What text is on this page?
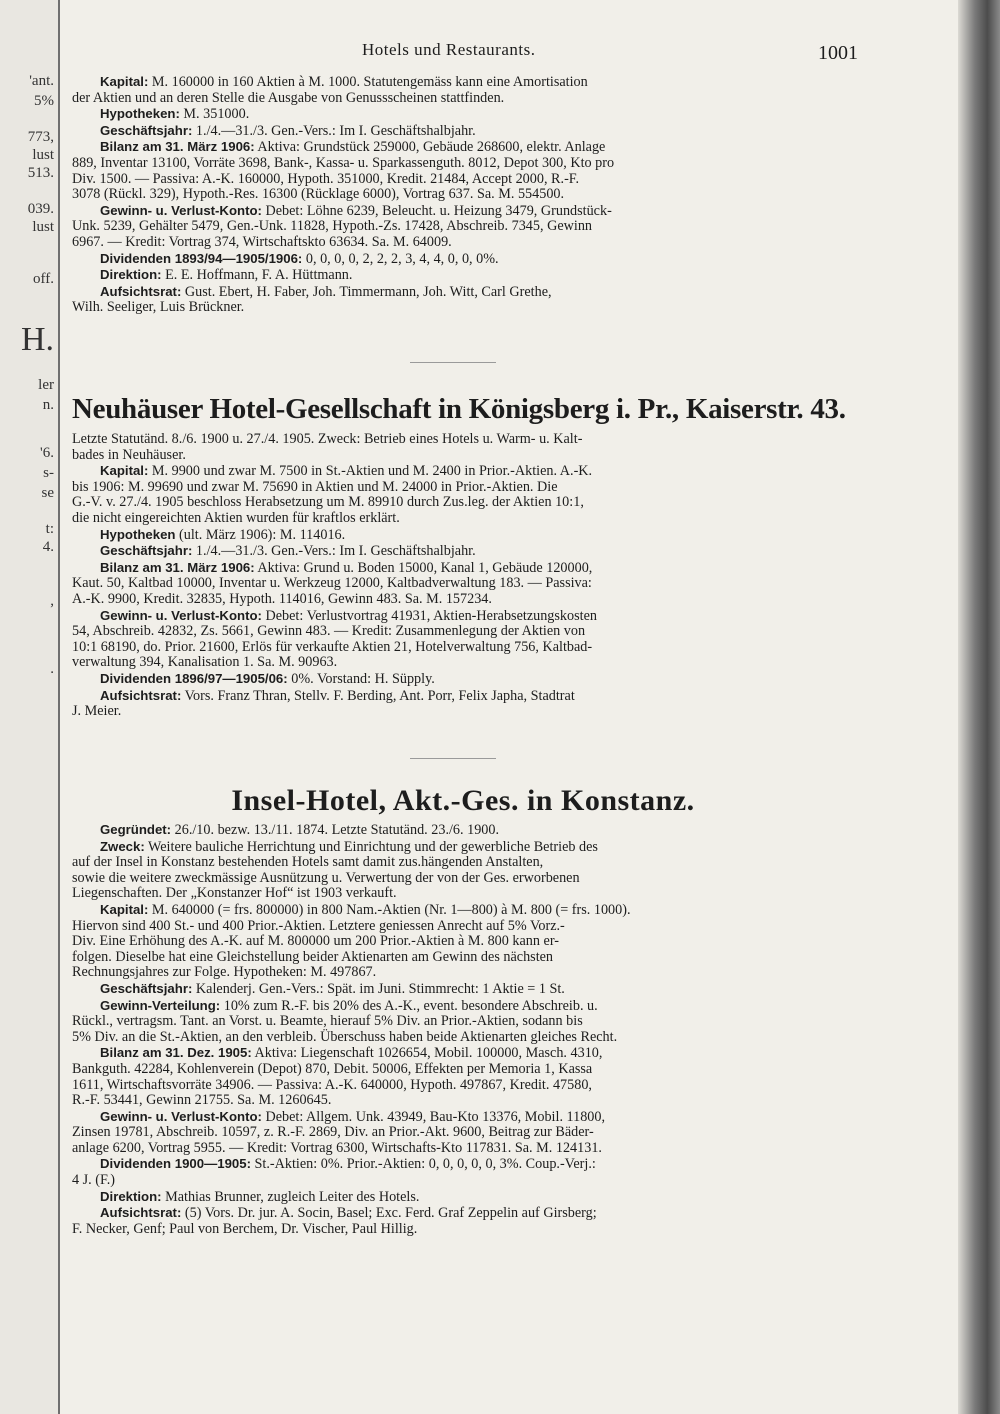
'ant.
5%
773,
lust
513.
039.
lust
off.
H.
ler
n.
'6.
s-
se
t:
4.
,
.
Hotels und Restaurants.	1001
Kapital: M. 160000 in 160 Aktien à M. 1000. Statutengemäss kann eine Amortisation
der Aktien und an deren Stelle die Ausgabe von Genussscheinen stattfinden.
Hypotheken: M. 351000.
Geschäftsjahr: 1./4.—31./3. Gen.-Vers.: Im I. Geschäftshalbjahr.
Bilanz am 31. März 1906: Aktiva: Grundstück 259000, Gebäude 268600, elektr. Anlage
889, Inventar 13100, Vorräte 3698, Bank-, Kassa- u. Sparkassenguth. 8012, Depot 300, Kto pro
Div. 1500. — Passiva: A.-K. 160000, Hypoth. 351000, Kredit. 21484, Accept 2000, R.-F.
3078 (Rückl. 329), Hypoth.-Res. 16300 (Rücklage 6000), Vortrag 637. Sa. M. 554500.
Gewinn- u. Verlust-Konto: Debet: Löhne 6239, Beleucht. u. Heizung 3479, Grundstück-
Unk. 5239, Gehälter 5479, Gen.-Unk. 11828, Hypoth.-Zs. 17428, Abschreib. 7345, Gewinn
6967. — Kredit: Vortrag 374, Wirtschaftskto 63634. Sa. M. 64009.
Dividenden 1893/94—1905/1906: 0, 0, 0, 0, 2, 2, 2, 3, 4, 4, 0, 0, 0%.
Direktion: E. E. Hoffmann, F. A. Hüttmann.
Aufsichtsrat: Gust. Ebert, H. Faber, Joh. Timmermann, Joh. Witt, Carl Grethe,
Wilh. Seeliger, Luis Brückner.
Neuhäuser Hotel-Gesellschaft in Königsberg i. Pr., Kaiserstr. 43.
Letzte Statutänd. 8./6. 1900 u. 27./4. 1905. Zweck: Betrieb eines Hotels u. Warm- u. Kalt-
bades in Neuhäuser.
Kapital: M. 9900 und zwar M. 7500 in St.-Aktien und M. 2400 in Prior.-Aktien. A.-K.
bis 1906: M. 99690 und zwar M. 75690 in Aktien und M. 24000 in Prior.-Aktien. Die
G.-V. v. 27./4. 1905 beschloss Herabsetzung um M. 89910 durch Zus.leg. der Aktien 10:1,
die nicht eingereichten Aktien wurden für kraftlos erklärt.
Hypotheken (ult. März 1906): M. 114016.
Geschäftsjahr: 1./4.—31./3. Gen.-Vers.: Im I. Geschäftshalbjahr.
Bilanz am 31. März 1906: Aktiva: Grund u. Boden 15000, Kanal 1, Gebäude 120000,
Kaut. 50, Kaltbad 10000, Inventar u. Werkzeug 12000, Kaltbadverwaltung 183. — Passiva:
A.-K. 9900, Kredit. 32835, Hypoth. 114016, Gewinn 483. Sa. M. 157234.
Gewinn- u. Verlust-Konto: Debet: Verlustvortrag 41931, Aktien-Herabsetzungskosten
54, Abschreib. 42832, Zs. 5661, Gewinn 483. — Kredit: Zusammenlegung der Aktien von
10:1 68190, do. Prior. 21600, Erlös für verkaufte Aktien 21, Hotelverwaltung 756, Kaltbad-
verwaltung 394, Kanalisation 1. Sa. M. 90963.
Dividenden 1896/97—1905/06: 0%. Vorstand: H. Süpply.
Aufsichtsrat: Vors. Franz Thran, Stellv. F. Berding, Ant. Porr, Felix Japha, Stadtrat
J. Meier.
Insel-Hotel, Akt.-Ges. in Konstanz.
Gegründet: 26./10. bezw. 13./11. 1874. Letzte Statutänd. 23./6. 1900.
Zweck: Weitere bauliche Herrichtung und Einrichtung und der gewerbliche Betrieb des
auf der Insel in Konstanz bestehenden Hotels samt damit zus.hängenden Anstalten,
sowie die weitere zweckmässige Ausnützung u. Verwertung der von der Ges. erworbenen
Liegenschaften. Der „Konstanzer Hof“ ist 1903 verkauft.
Kapital: M. 640000 (= frs. 800000) in 800 Nam.-Aktien (Nr. 1—800) à M. 800 (= frs. 1000).
Hiervon sind 400 St.- und 400 Prior.-Aktien. Letztere geniessen Anrecht auf 5% Vorz.-
Div. Eine Erhöhung des A.-K. auf M. 800000 um 200 Prior.-Aktien à M. 800 kann er-
folgen. Dieselbe hat eine Gleichstellung beider Aktienarten am Gewinn des nächsten
Rechnungsjahres zur Folge. Hypotheken: M. 497867.
Geschäftsjahr: Kalenderj. Gen.-Vers.: Spät. im Juni. Stimmrecht: 1 Aktie = 1 St.
Gewinn-Verteilung: 10% zum R.-F. bis 20% des A.-K., event. besondere Abschreib. u.
Rückl., vertragsm. Tant. an Vorst. u. Beamte, hierauf 5% Div. an Prior.-Aktien, sodann bis
5% Div. an die St.-Aktien, an den verbleib. Überschuss haben beide Aktienarten gleiches Recht.
Bilanz am 31. Dez. 1905: Aktiva: Liegenschaft 1026654, Mobil. 100000, Masch. 4310,
Bankguth. 42284, Kohlenverein (Depot) 870, Debit. 50006, Effekten per Memoria 1, Kassa
1611, Wirtschaftsvorräte 34906. — Passiva: A.-K. 640000, Hypoth. 497867, Kredit. 47580,
R.-F. 53441, Gewinn 21755. Sa. M. 1260645.
Gewinn- u. Verlust-Konto: Debet: Allgem. Unk. 43949, Bau-Kto 13376, Mobil. 11800,
Zinsen 19781, Abschreib. 10597, z. R.-F. 2869, Div. an Prior.-Akt. 9600, Beitrag zur Bäder-
anlage 6200, Vortrag 5955. — Kredit: Vortrag 6300, Wirtschafts-Kto 117831. Sa. M. 124131.
Dividenden 1900—1905: St.-Aktien: 0%. Prior.-Aktien: 0, 0, 0, 0, 0, 3%. Coup.-Verj.:
4 J. (F.)
Direktion: Mathias Brunner, zugleich Leiter des Hotels.
Aufsichtsrat: (5) Vors. Dr. jur. A. Socin, Basel; Exc. Ferd. Graf Zeppelin auf Girsberg;
F. Necker, Genf; Paul von Berchem, Dr. Vischer, Paul Hillig.
